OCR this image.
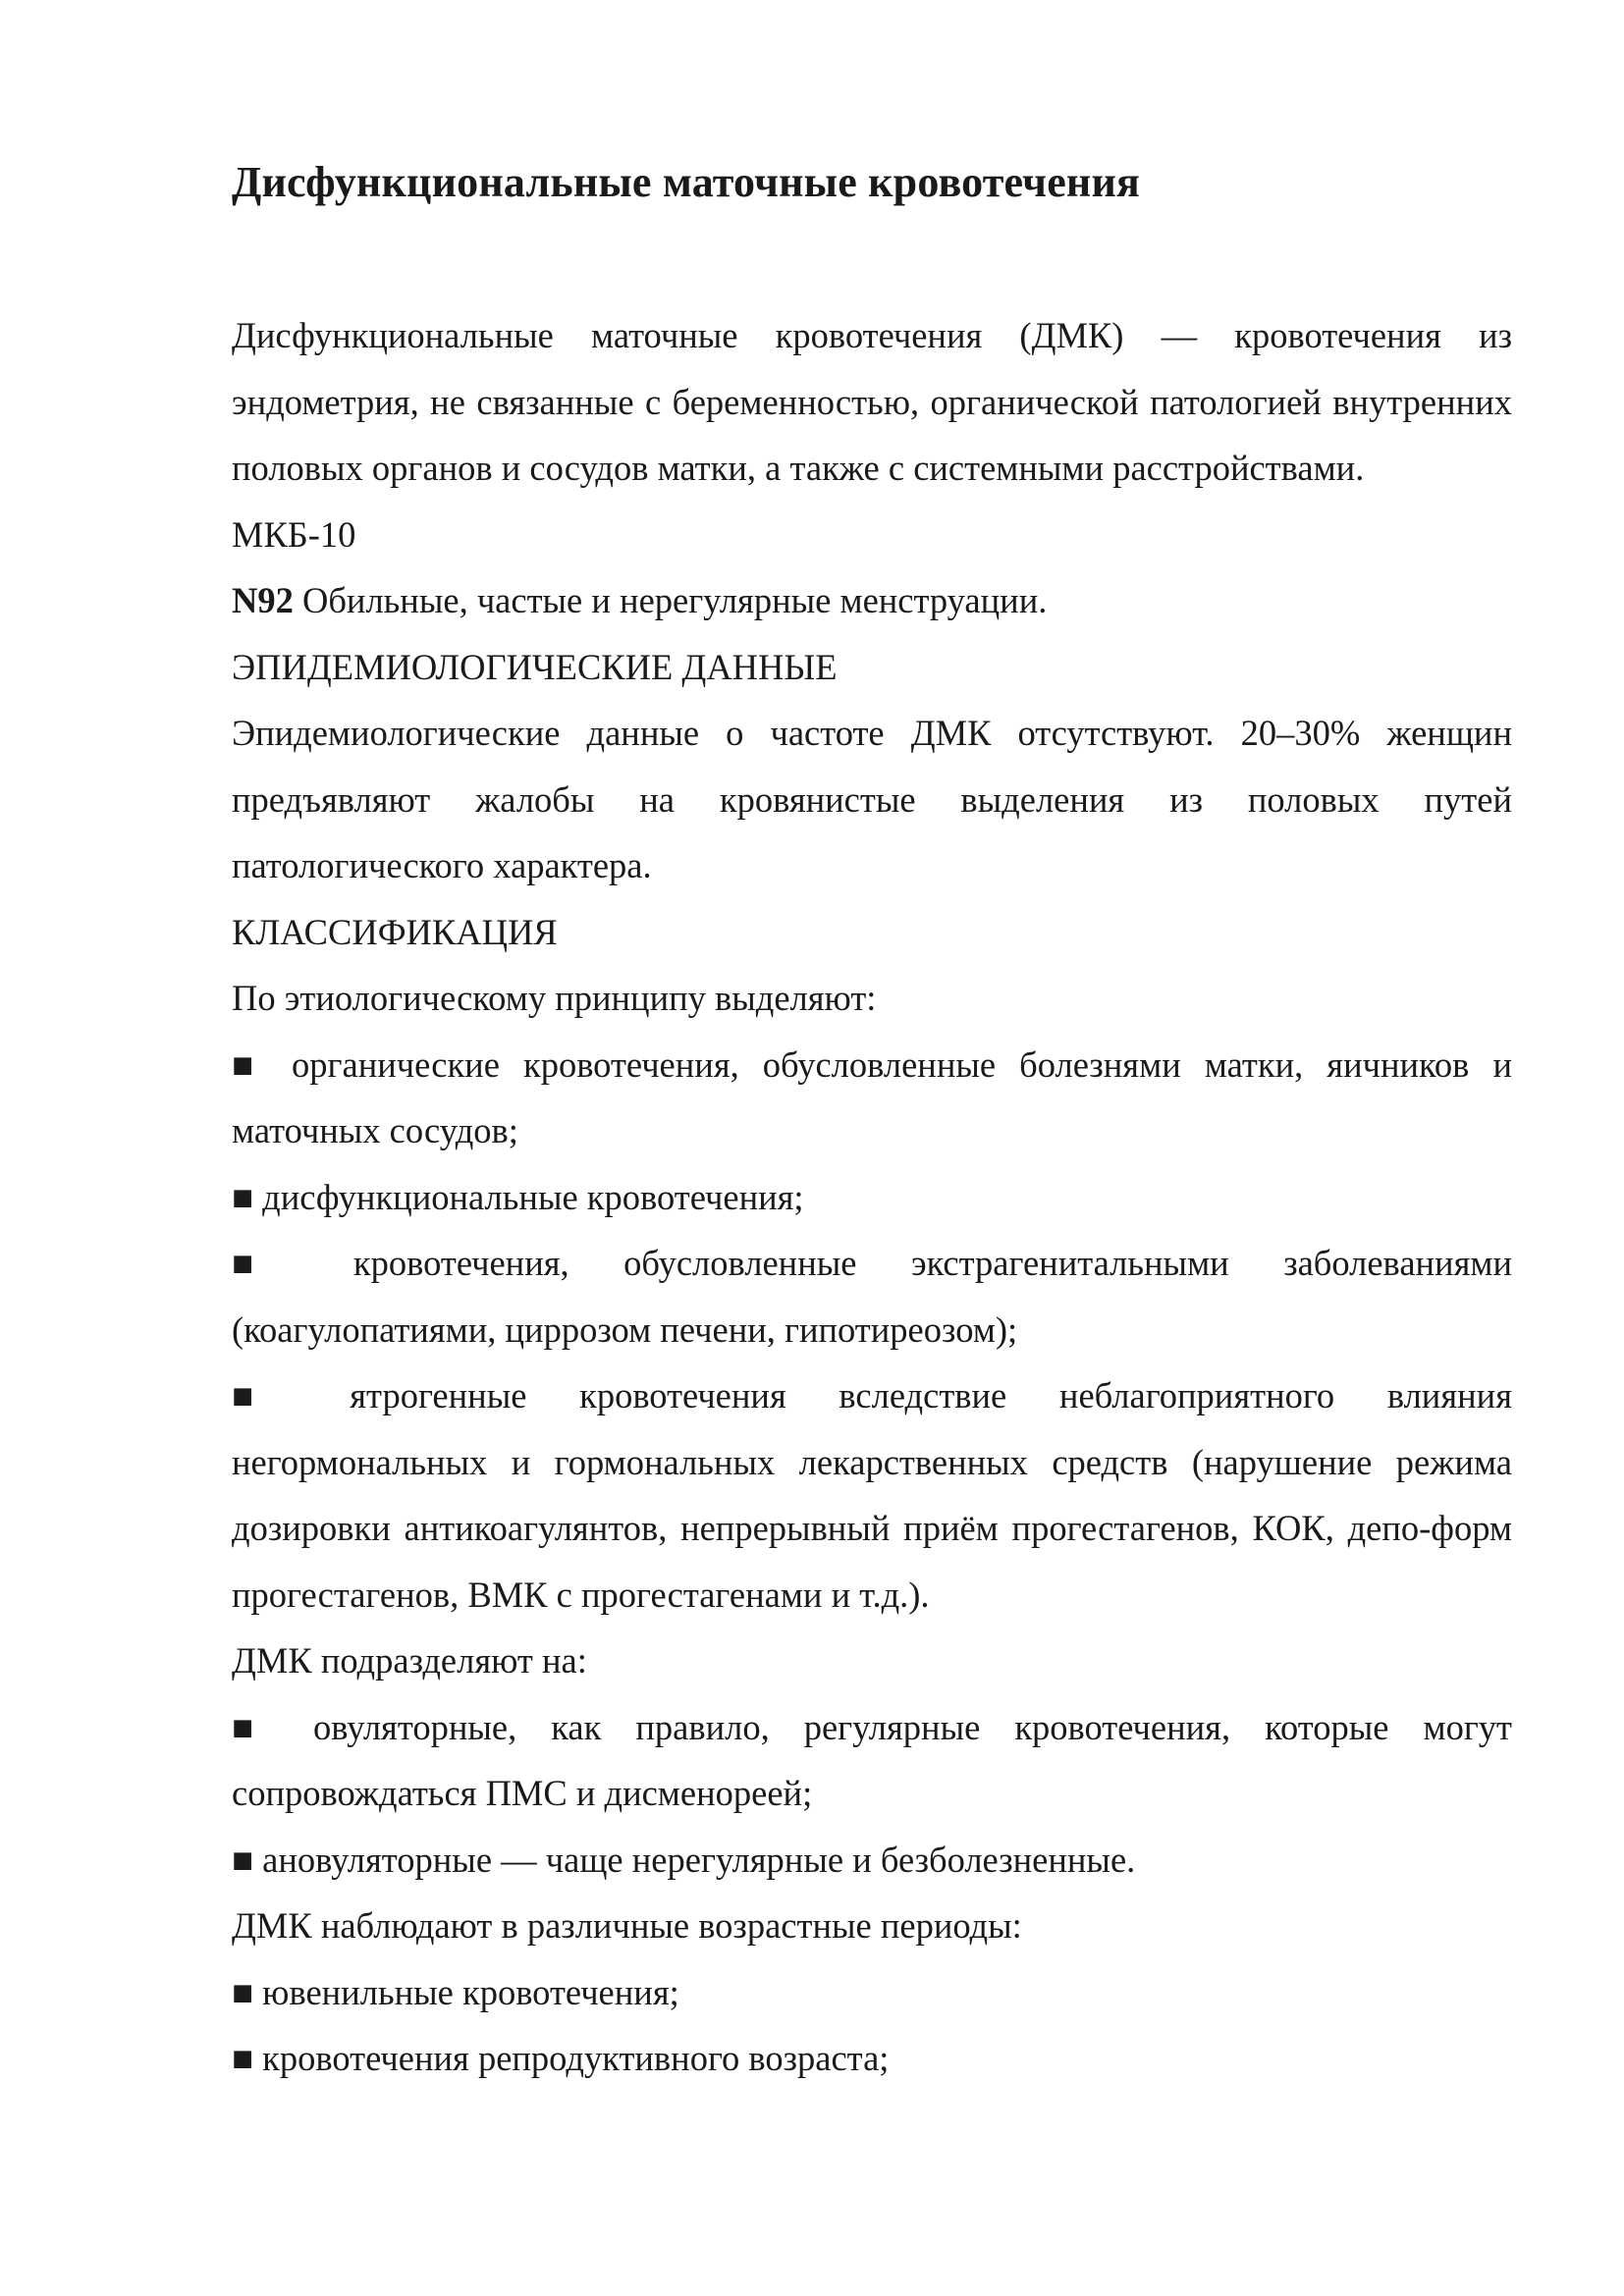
Дисфункциональные маточные кровотечения

Дисфункциональные маточные кровотечения (ДМК) — кровотечения из эндометрия, не связанные с беременностью, органической патологией внутренних половых органов и сосудов матки, а также с системными расстройствами.

МКБ-10

N92 Обильные, частые и нерегулярные менструации.

ЭПИДЕМИОЛОГИЧЕСКИЕ ДАННЫЕ

Эпидемиологические данные о частоте ДМК отсутствуют. 20–30% женщин предъявляют жалобы на кровянистые выделения из половых путей патологического характера.

КЛАССИФИКАЦИЯ

По этиологическому принципу выделяют:

■ органические кровотечения, обусловленные болезнями матки, яичников и маточных сосудов;

■ дисфункциональные кровотечения;

■ кровотечения, обусловленные экстрагенитальными заболеваниями (коагулопатиями, циррозом печени, гипотиреозом);

■ ятрогенные кровотечения вследствие неблагоприятного влияния негормональных и гормональных лекарственных средств (нарушение режима дозировки антикоагулянтов, непрерывный приём прогестагенов, КОК, депо-форм прогестагенов, ВМК с прогестагенами и т.д.).

ДМК подразделяют на:

■ овуляторные, как правило, регулярные кровотечения, которые могут сопровождаться ПМС и дисменореей;

■ ановуляторные — чаще нерегулярные и безболезненные.

ДМК наблюдают в различные возрастные периоды:

■ ювенильные кровотечения;

■ кровотечения репродуктивного возраста;
